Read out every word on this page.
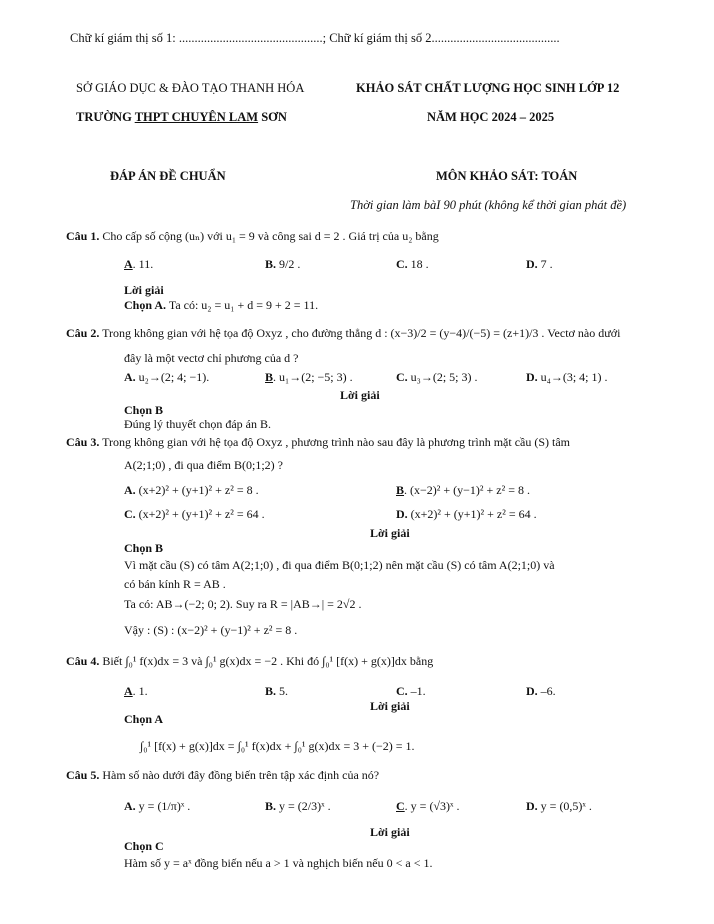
Chữ kí giám thị số 1: ..............................................; Chữ kí giám thị số 2.........................................
SỞ GIÁO DỤC & ĐÀO TẠO THANH HÓA	KHẢO SÁT CHẤT LƯỢNG HỌC SINH LỚP 12
TRƯỜNG THPT CHUYÊN LAM SƠN	NĂM HỌC 2024 – 2025
ĐÁP ÁN ĐỀ CHUẨN	MÔN KHẢO SÁT: TOÁN
Thời gian làm bàI 90 phút (không kể thời gian phát đề)
Câu 1. Cho cấp số cộng (uₙ) với u₁ = 9 và công sai d = 2 . Giá trị của u₂ bằng
A. 11.	B. 9/2 .	C. 18 .	D. 7 .
Lời giải
Chọn A. Ta có: u₂ = u₁ + d = 9 + 2 = 11.
Câu 2. Trong không gian với hệ tọa độ Oxyz , cho đường thẳng d : (x−3)/2 = (y−4)/(−5) = (z+1)/3 . Vectơ nào dưới
đây là một vectơ chỉ phương của d ?
A. u₂→(2; 4; −1).	B. u₁→(2; −5; 3) .	C. u₃→(2; 5; 3) .	D. u₄→(3; 4; 1) .
Lời giải
Chọn B
Đúng lý thuyết chọn đáp án B.
Câu 3. Trong không gian với hệ tọa độ Oxyz , phương trình nào sau đây là phương trình mặt cầu (S) tâm
A(2;1;0) , đi qua điểm B(0;1;2) ?
A. (x+2)² + (y+1)² + z² = 8 .	B. (x−2)² + (y−1)² + z² = 8 .
C. (x+2)² + (y+1)² + z² = 64 .	D. (x+2)² + (y+1)² + z² = 64 .
Lời giải
Chọn B
Vì mặt cầu (S) có tâm A(2;1;0) , đi qua điểm B(0;1;2) nên mặt cầu (S) có tâm A(2;1;0) và
có bán kính R = AB .
Ta có: AB→(−2; 0; 2). Suy ra R = |AB→| = 2√2 .
Vậy : (S) : (x−2)² + (y−1)² + z² = 8 .
Câu 4. Biết ∫₀¹ f(x)dx = 3 và ∫₀¹ g(x)dx = −2 . Khi đó ∫₀¹ [f(x) + g(x)]dx bằng
A. 1.	B. 5.	C. –1.	D. –6.
Lời giải
Chọn A
∫₀¹ [f(x) + g(x)]dx = ∫₀¹ f(x)dx + ∫₀¹ g(x)dx = 3 + (−2) = 1.
Câu 5. Hàm số nào dưới đây đồng biến trên tập xác định của nó?
A. y = (1/π)ˣ .	B. y = (2/3)ˣ .	C. y = (√3)ˣ .	D. y = (0,5)ˣ .
Lời giải
Chọn C
Hàm số y = aˣ đồng biến nếu a > 1 và nghịch biến nếu 0 < a < 1.
